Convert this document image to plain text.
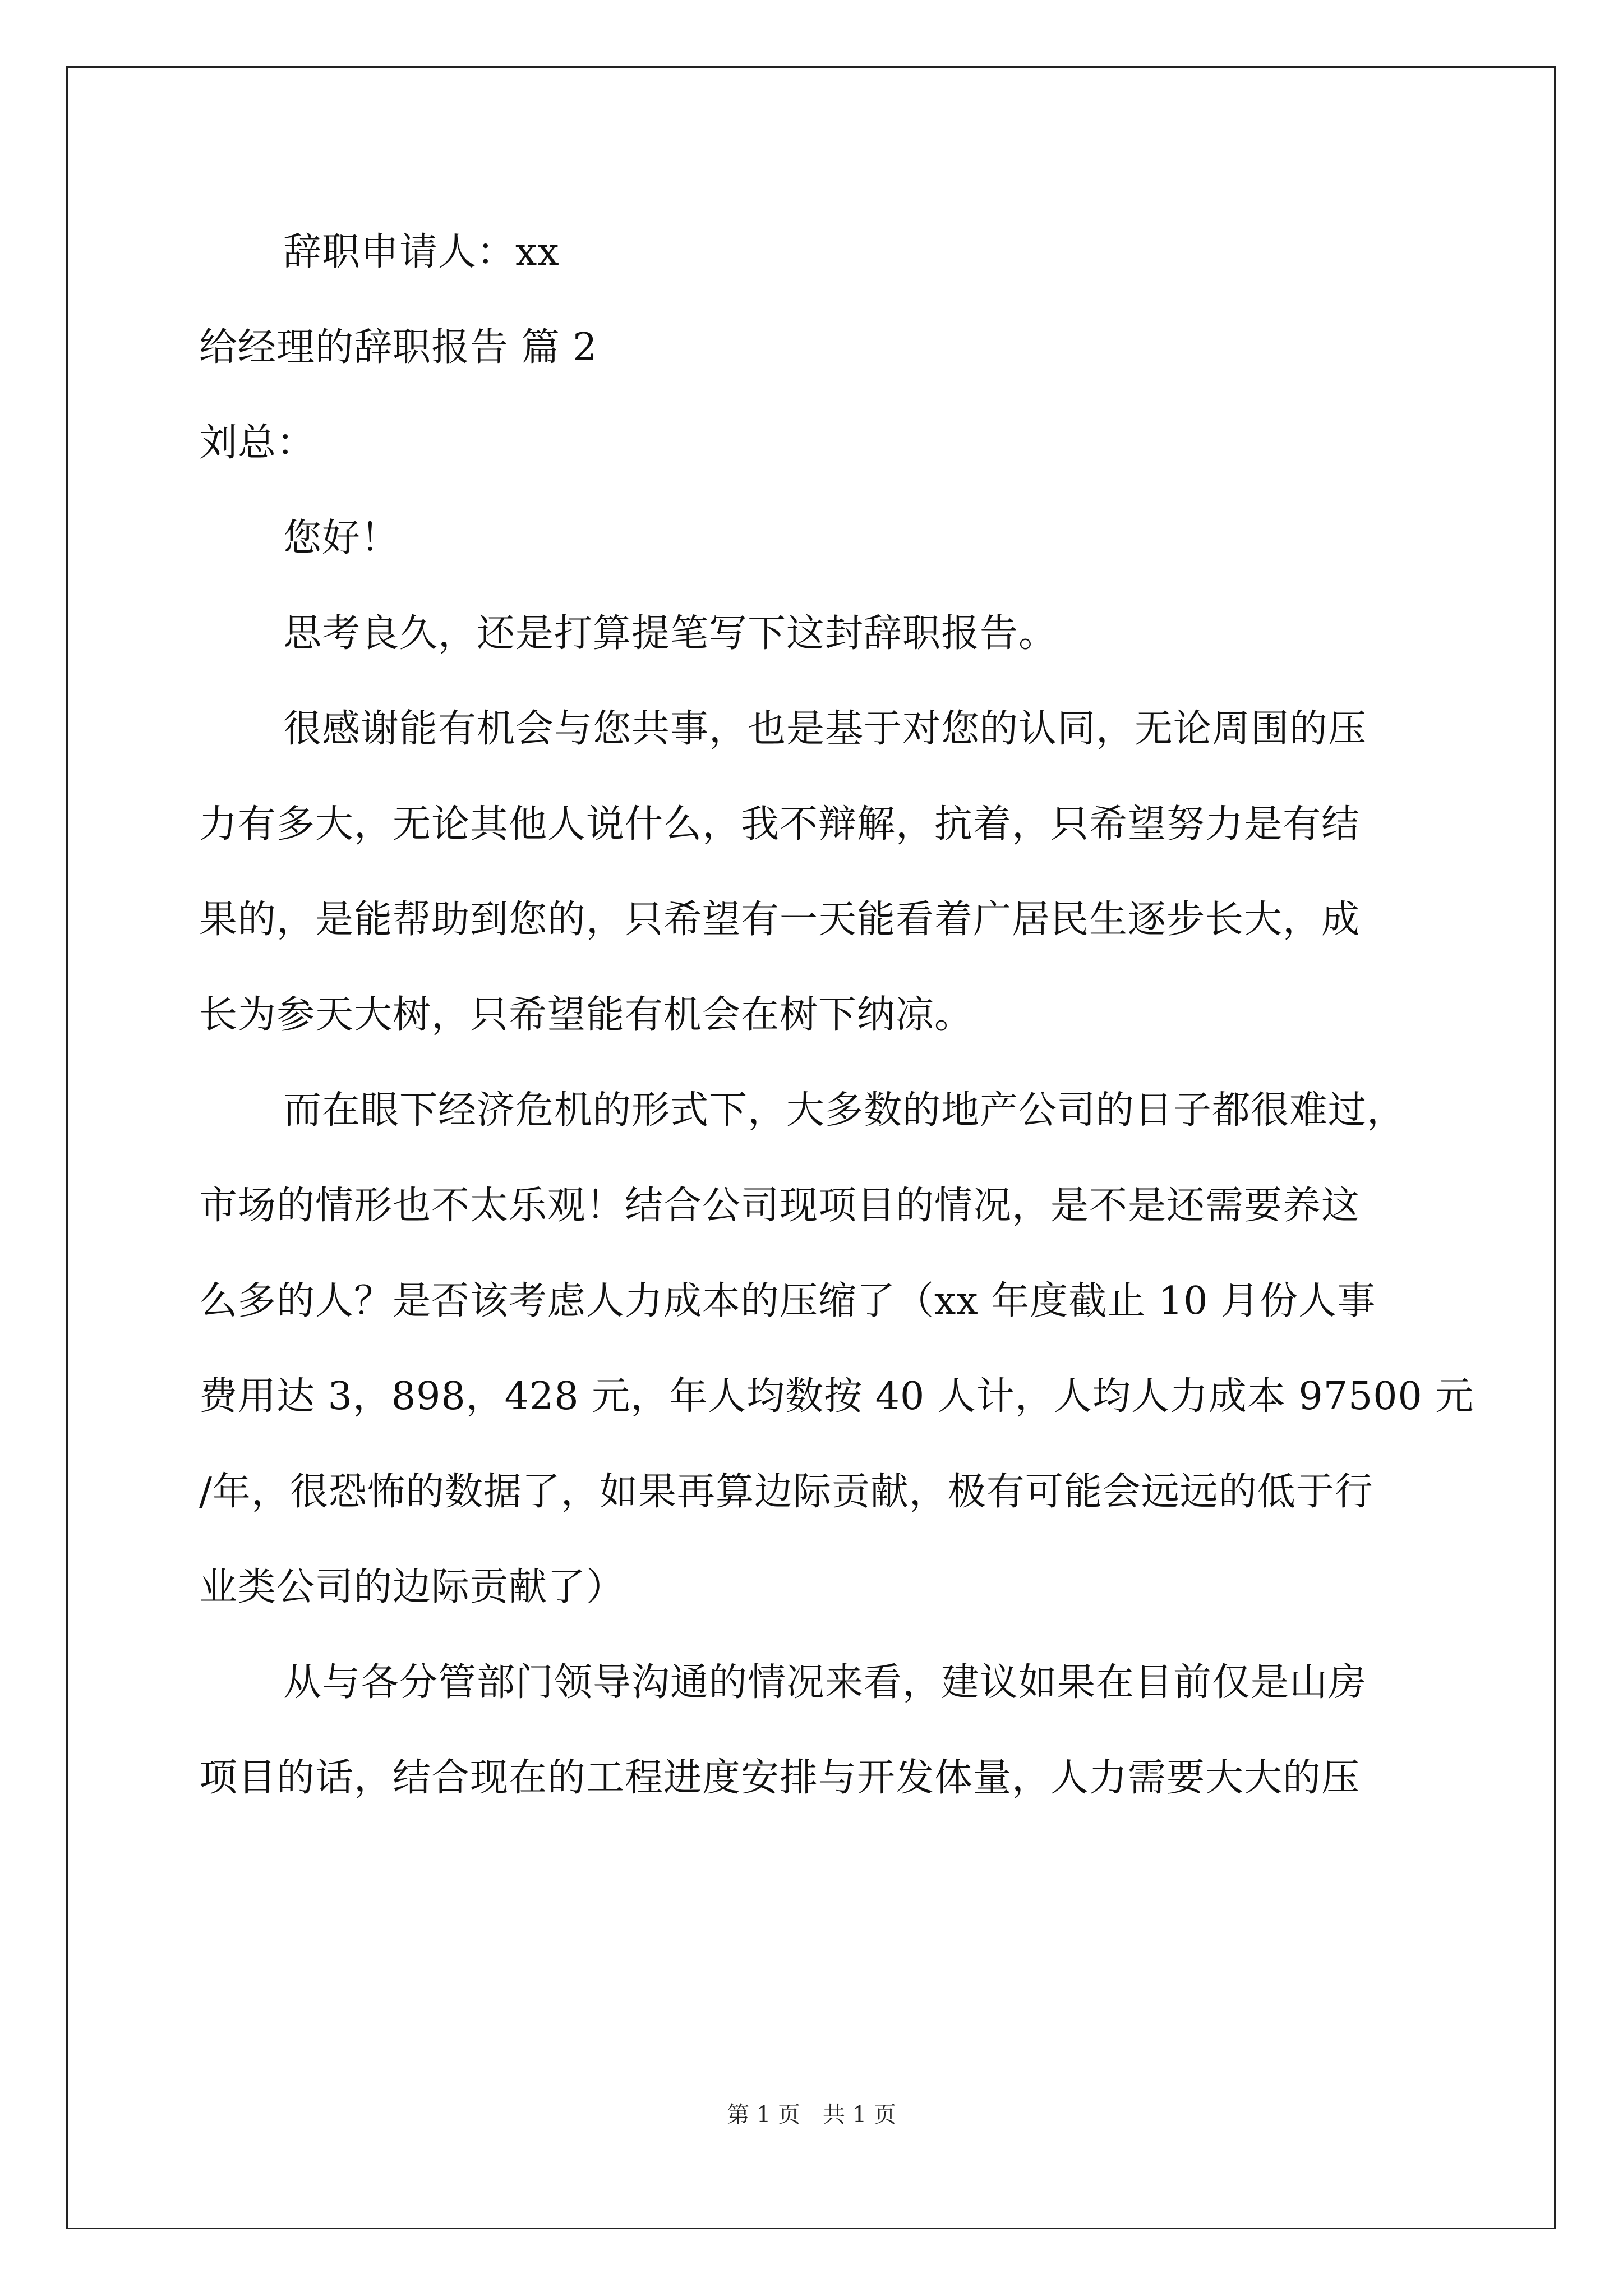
辞职申请人：xx
给经理的辞职报告 篇 2
刘总：
您好！
思考良久，还是打算提笔写下这封辞职报告。
很感谢能有机会与您共事，也是基于对您的认同，无论周围的压
力有多大，无论其他人说什么，我不辩解，抗着，只希望努力是有结
果的，是能帮助到您的，只希望有一天能看着广居民生逐步长大，成
长为参天大树，只希望能有机会在树下纳凉。
而在眼下经济危机的形式下，大多数的地产公司的日子都很难过，
市场的情形也不太乐观！结合公司现项目的情况，是不是还需要养这
么多的人？是否该考虑人力成本的压缩了（xx 年度截止 10 月份人事
费用达 3，898，428 元，年人均数按 40 人计，人均人力成本 97500 元
/年，很恐怖的数据了，如果再算边际贡献，极有可能会远远的低于行
业类公司的边际贡献了）
从与各分管部门领导沟通的情况来看，建议如果在目前仅是山房
项目的话，结合现在的工程进度安排与开发体量，人力需要大大的压
第 1 页　共 1 页
